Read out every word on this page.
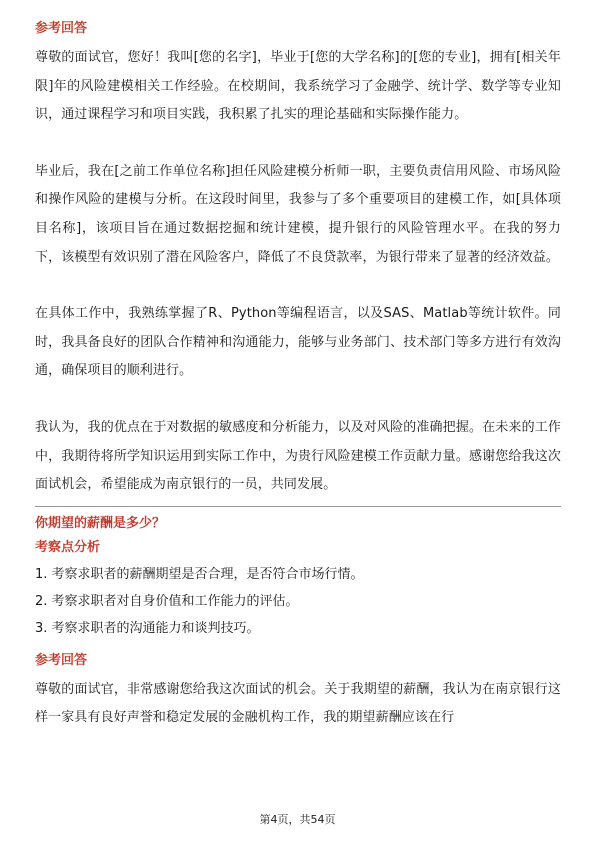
参考回答

尊敬的面试官，您好！我叫[您的名字]，毕业于[您的大学名称]的[您的专业]，拥有[相关年限]年的风险建模相关工作经验。在校期间，我系统学习了金融学、统计学、数学等专业知识，通过课程学习和项目实践，我积累了扎实的理论基础和实际操作能力。

毕业后，我在[之前工作单位名称]担任风险建模分析师一职，主要负责信用风险、市场风险和操作风险的建模与分析。在这段时间里，我参与了多个重要项目的建模工作，如[具体项目名称]，该项目旨在通过数据挖掘和统计建模，提升银行的风险管理水平。在我的努力下，该模型有效识别了潜在风险客户，降低了不良贷款率，为银行带来了显著的经济效益。

在具体工作中，我熟练掌握了R、Python等编程语言，以及SAS、Matlab等统计软件。同时，我具备良好的团队合作精神和沟通能力，能够与业务部门、技术部门等多方进行有效沟通，确保项目的顺利进行。

我认为，我的优点在于对数据的敏感度和分析能力，以及对风险的准确把握。在未来的工作中，我期待将所学知识运用到实际工作中，为贵行风险建模工作贡献力量。感谢您给我这次面试机会，希望能成为南京银行的一员，共同发展。

你期望的薪酬是多少？

考察点分析

1. 考察求职者的薪酬期望是否合理，是否符合市场行情。

2. 考察求职者对自身价值和工作能力的评估。

3. 考察求职者的沟通能力和谈判技巧。

参考回答

尊敬的面试官，非常感谢您给我这次面试的机会。关于我期望的薪酬，我认为在南京银行这样一家具有良好声誉和稳定发展的金融机构工作，我的期望薪酬应该在行

第4页，共54页
